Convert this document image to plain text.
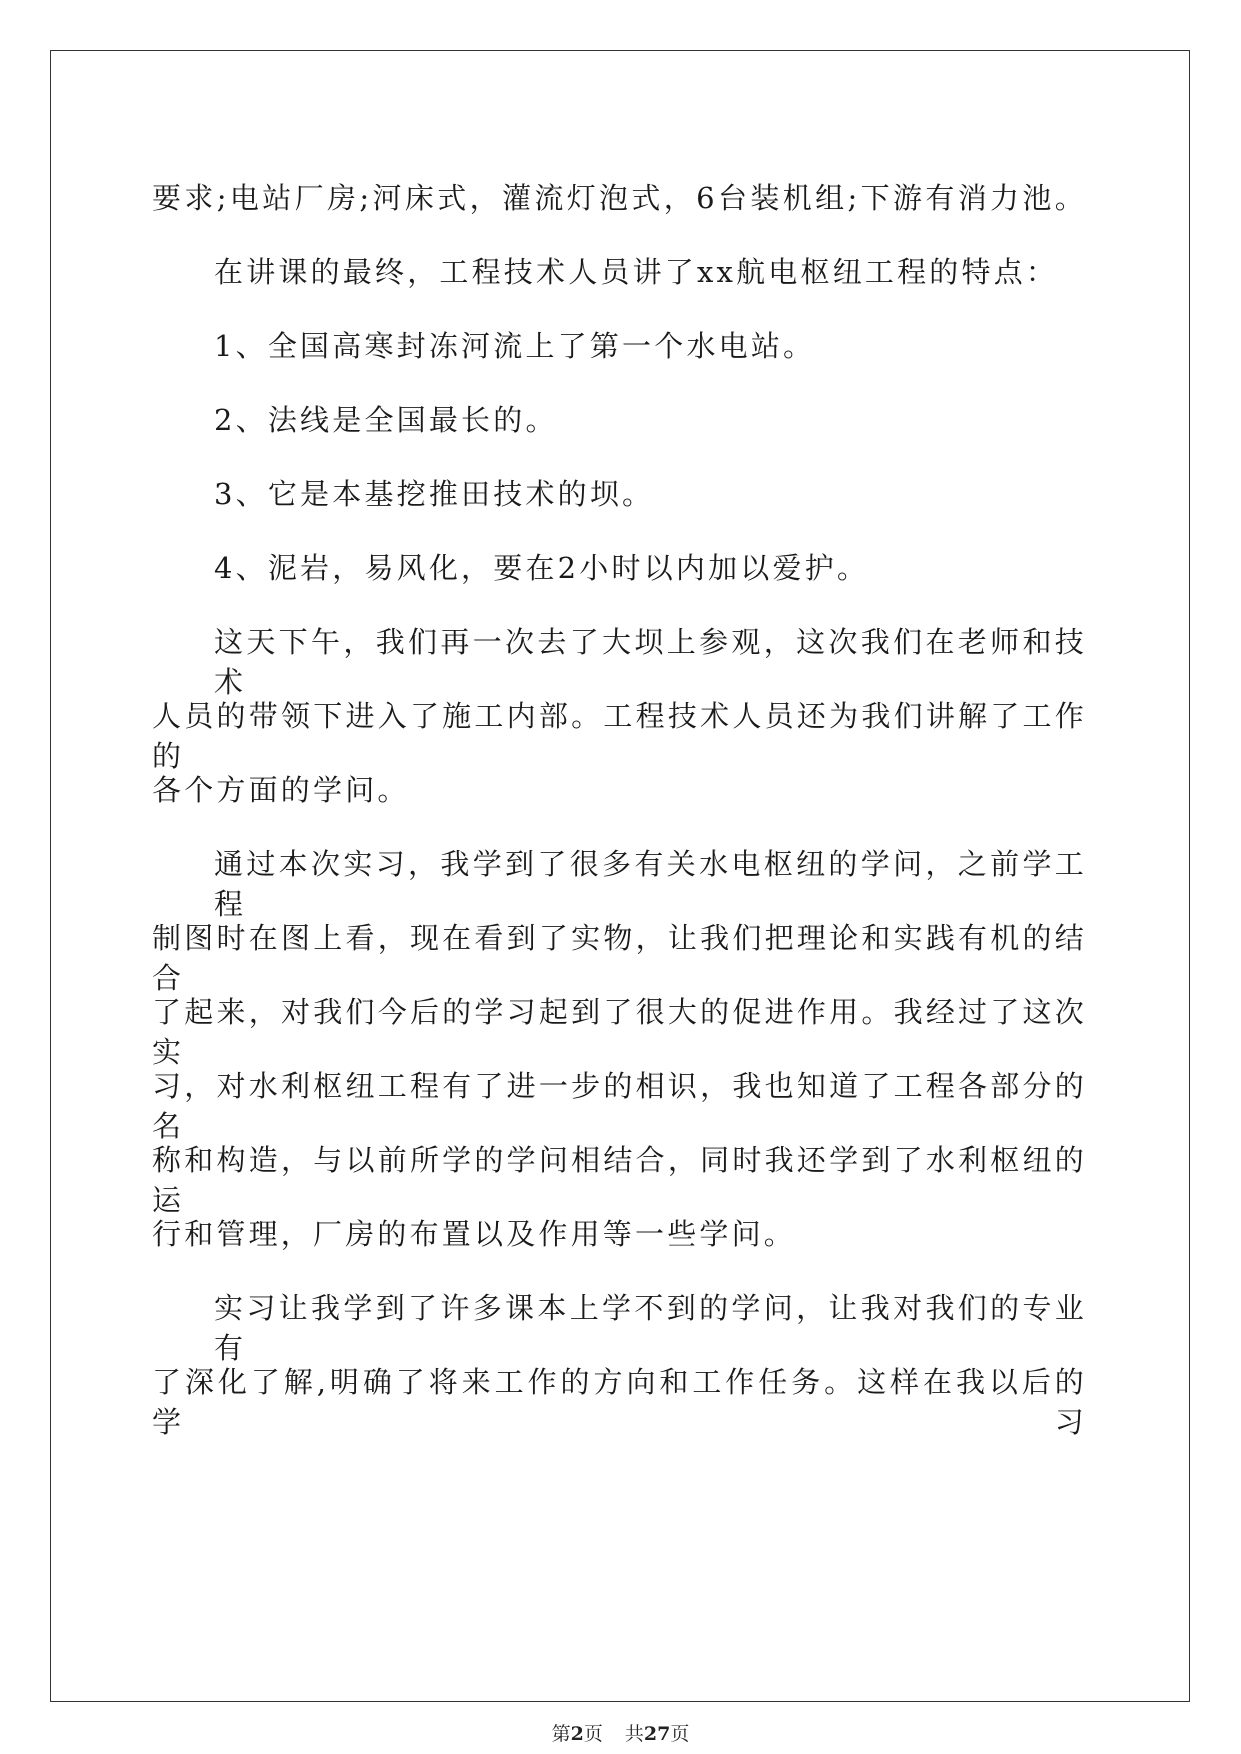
要求;电站厂房;河床式，灌流灯泡式，6台装机组;下游有消力池。
在讲课的最终，工程技术人员讲了xx航电枢纽工程的特点：
1、全国高寒封冻河流上了第一个水电站。
2、法线是全国最长的。
3、它是本基挖推田技术的坝。
4、泥岩，易风化，要在2小时以内加以爱护。
这天下午，我们再一次去了大坝上参观，这次我们在老师和技术
人员的带领下进入了施工内部。工程技术人员还为我们讲解了工作的
各个方面的学问。
通过本次实习，我学到了很多有关水电枢纽的学问，之前学工程
制图时在图上看，现在看到了实物，让我们把理论和实践有机的结合
了起来，对我们今后的学习起到了很大的促进作用。我经过了这次实
习，对水利枢纽工程有了进一步的相识，我也知道了工程各部分的名
称和构造，与以前所学的学问相结合，同时我还学到了水利枢纽的运
行和管理，厂房的布置以及作用等一些学问。
实习让我学到了许多课本上学不到的学问，让我对我们的专业有
了深化了解,明确了将来工作的方向和工作任务。这样在我以后的学习
第2页 共27页
